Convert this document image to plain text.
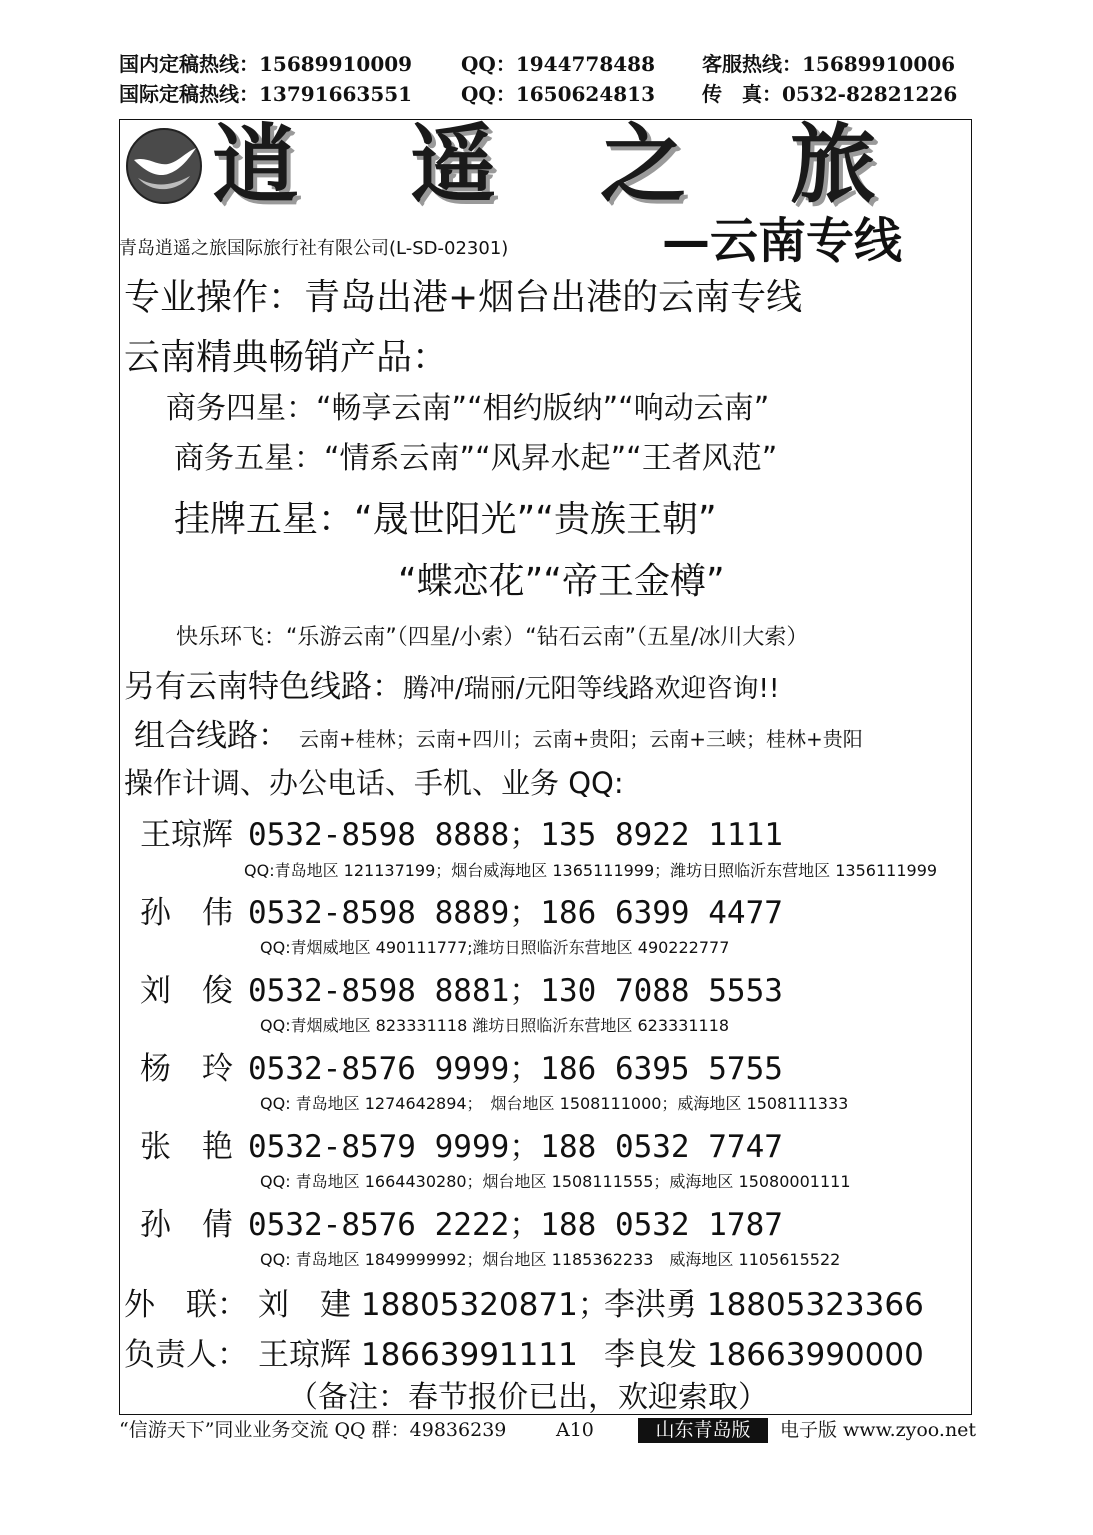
国内定稿热线：15689910009 QQ：1944778488 客服热线：15689910006
国际定稿热线：13791663551 QQ：1650624813 传　真：0532-82821226
逍 遥 之 旅
—云南专线
青岛逍遥之旅国际旅行社有限公司(L-SD-02301)
专业操作：青岛出港+烟台出港的云南专线
云南精典畅销产品：
商务四星：“畅享云南”“相约版纳”“响动云南”
商务五星：“情系云南”“风昇水起”“王者风范”
挂牌五星：“晟世阳光”“贵族王朝”
“蝶恋花”“帝王金樽”
快乐环飞：“乐游云南”（四星/小索）“钻石云南”（五星/冰川大索）
另有云南特色线路：腾冲/瑞丽/元阳等线路欢迎咨询!!
组合线路： 云南+桂林；云南+四川；云南+贵阳；云南+三峡；桂林+贵阳
操作计调、办公电话、手机、业务 QQ:
王琼辉 0532-8598 8888；135 8922 1111
QQ:青岛地区 121137199；烟台威海地区 1365111999；潍坊日照临沂东营地区 1356111999
孙　伟 0532-8598 8889；186 6399 4477
QQ:青烟威地区 490111777;潍坊日照临沂东营地区 490222777
刘　俊 0532-8598 8881；130 7088 5553
QQ:青烟威地区 823331118 潍坊日照临沂东营地区 623331118
杨　玲 0532-8576 9999；186 6395 5755
QQ: 青岛地区 1274642894；　烟台地区 1508111000；威海地区 1508111333
张　艳 0532-8579 9999；188 0532 7747
QQ: 青岛地区 1664430280；烟台地区 1508111555；威海地区 15080001111
孙　倩 0532-8576 2222；188 0532 1787
QQ: 青岛地区 1849999992；烟台地区 1185362233　威海地区 1105615522
外　联： 刘　建 18805320871；
李洪勇 18805323366
负责人： 王琼辉 18663991111 李良发 18663990000
（备注：春节报价已出，欢迎索取）
“信游天下”同业业务交流 QQ 群：49836239	A10	山东青岛版	电子版 www.zyoo.net
